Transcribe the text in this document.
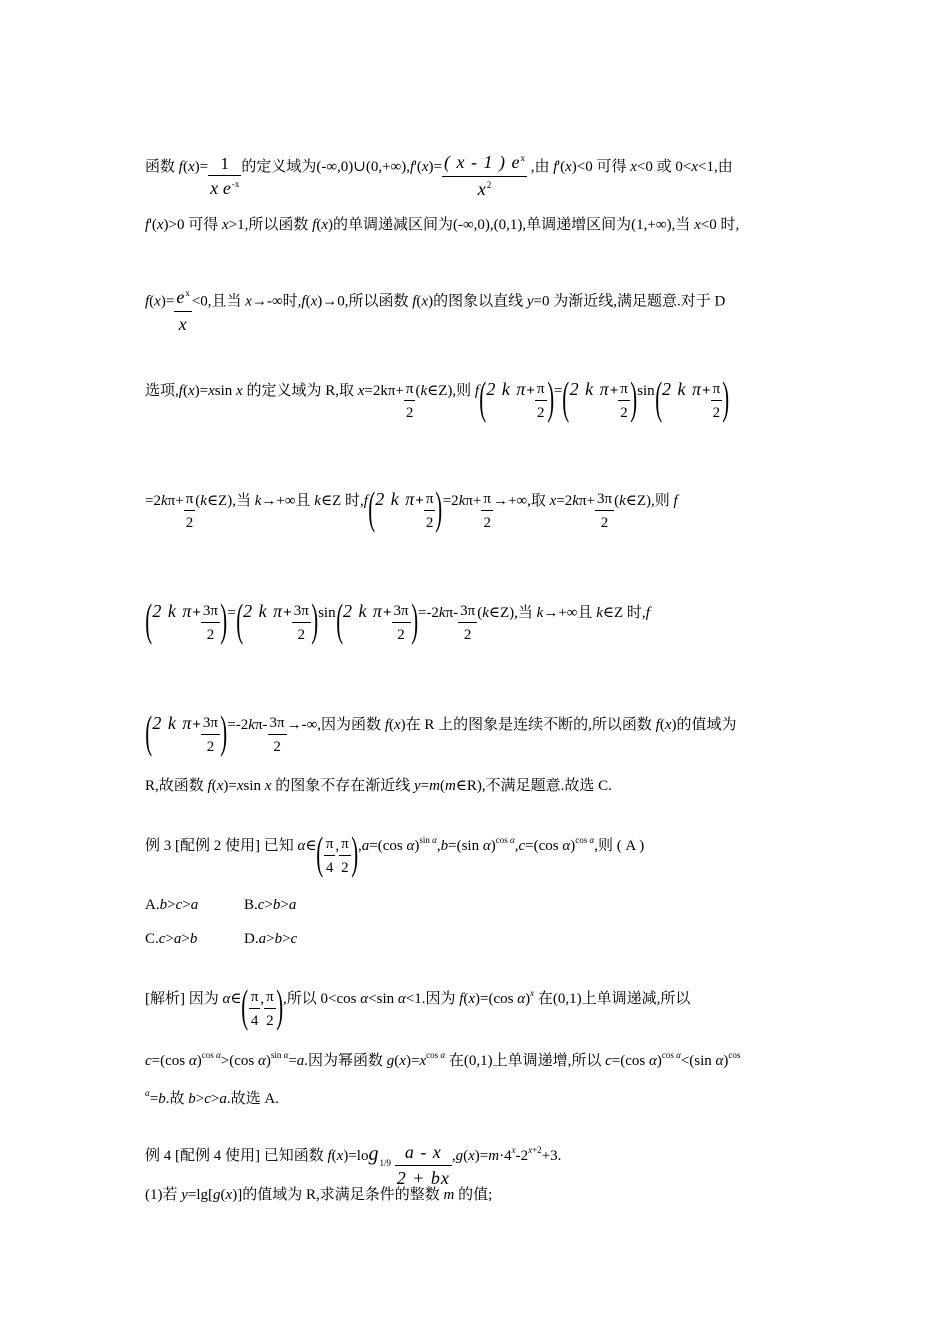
函数 $f(x)= \frac{1}{x e^{-x}}$ 的定义域为(-∞,0)∪(0,+∞),f'(x)= $\frac{( x - 1 ) e^x}{x^2}$ ,由 f'(x)<0 可得 x<0 或 0<x<1,由
f'(x)>0 可得 x>1,所以函数 f(x)的单调递减区间为(-∞,0),(0,1),单调递增区间为(1,+∞),当 x<0 时,
$f(x)= \frac{e^x}{x} <0$,且当 x→-∞时,f(x)→0,所以函数 f(x)的图象以直线 y=0 为渐近线,满足题意.对于 D
选项,f(x)=xsin x 的定义域为 R,取 $x=2k\pi+ \frac{\pi}{2}$ (k∈Z),则 f(2 k $\pi+ \frac{\pi}{2} )=(2$ k $\pi+ \frac{\pi}{2} )\sin(2$ k $\pi+ \frac{\pi}{2}$ )
$=2k\pi+ \frac{\pi}{2}$ (k∈Z),当 k→+∞且 k∈Z 时,f(2 k $\pi+ \frac{\pi}{2} )=2k\pi+ \frac{\pi}{2}$ →+∞,取 $x=2k\pi+ \frac{3\pi}{2}$ (k∈Z),则 f
(2 k $\pi+ \frac{3\pi}{2} )=(2$ k $\pi+ \frac{3\pi}{2} )\sin(2$ k $\pi+ \frac{3\pi}{2} )=-2k\pi- \frac{3\pi}{2}$ (k∈Z),当 k→+∞且 k∈Z 时,f
(2 k $\pi+ \frac{3\pi}{2} )=-2k\pi- \frac{3\pi}{2}$ →-∞,因为函数 f(x)在 R 上的图象是连续不断的,所以函数 f(x)的值域为
R,故函数 f(x)=xsin x 的图象不存在渐近线 y=m(m∈R),不满足题意.故选 C.
例 3 [配例 2 使用] 已知 α∈( $\frac{\pi}{4}$ , $\frac{\pi}{2} ),a=(\cos$ α)$^{sin \alpha}$,b=(sin α)$^{cos \alpha}$,c=(cos α)$^{cos \alpha}$,则 ( A )
A.b>c>a	B.c>b>a
C.c>a>b	D.a>b>c
[解析] 因为 α∈( $\frac{\pi}{4}$ , $\frac{\pi}{2}$ ),所以 0<cos α<sin α<1.因为 f(x)=(cos α)$^x$ 在(0,1)上单调递减,所以
c=(cos α)$^{cos \alpha}$>(cos α)$^{sin \alpha}$=a.因为幂函数 $g(x)=x^{cos \alpha}$ 在(0,1)上单调递增,所以 c=(cos α)$^{cos \alpha}$<(sin α)$^{cos}$
$^\alpha$=b.故 b>c>a.故选 A.
例 4 [配例 4 使用] 已知函数 $f(x)=\log_{1/9} \frac{a - x}{2 + bx} ,g(x)=m\cdot 4^x-2^{x+2}+3$.
(1)若 y=lg[g(x)]的值域为 R,求满足条件的整数 m 的值;
